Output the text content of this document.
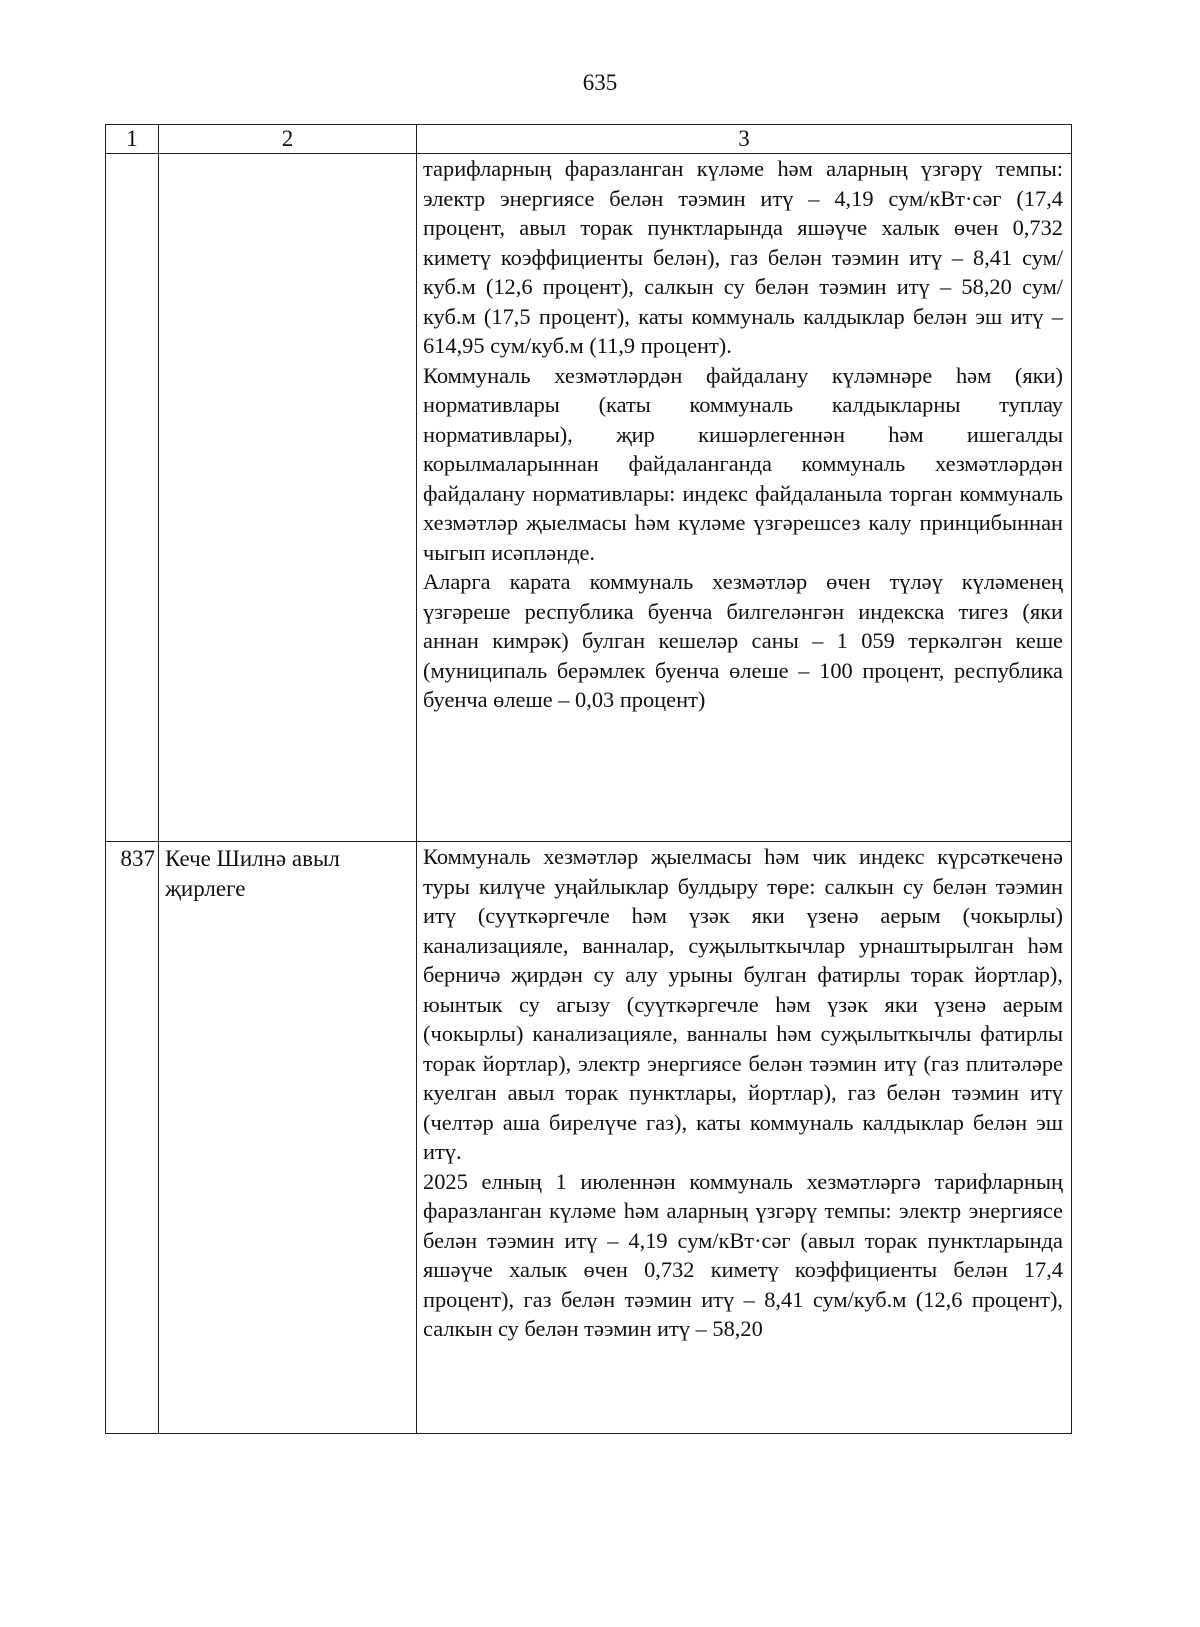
635
1	2	3

		тарифларның фаразланган күләме һәм аларның үзгәрү темпы: электр энергиясе белән тәэмин итү – 4,19 сум/кВт·сәг (17,4 процент, авыл торак пунктларында яшәүче халык өчен 0,732 киметү коэффициенты белән), газ белән тәэмин итү – 8,41 сум/куб.м (12,6 процент), салкын су белән тәэмин итү – 58,20 сум/куб.м (17,5 процент), каты коммуналь калдыклар белән эш итү – 614,95 сум/куб.м (11,9 процент).

Коммуналь хезмәтләрдән файдалану күләмнәре һәм (яки) нормативлары (каты коммуналь калдыкларны туплау нормативлары), җир кишәрлегеннән һәм ишегалды корылмаларыннан файдаланганда коммуналь хезмәтләрдән файдалану нормативлары: индекс файдаланыла торган коммуналь хезмәтләр җыелмасы һәм күләме үзгәрешсез калу принцибыннан чыгып исәпләнде.

Аларга карата коммуналь хезмәтләр өчен түләү күләменең үзгәреше республика буенча билгеләнгән индекска тигез (яки аннан кимрәк) булган кешеләр саны – 1 059 теркәлгән кеше (муниципаль берәмлек буенча өлеше – 100 процент, республика буенча өлеше – 0,03 процент)

837	Кече Шилнә авыл җирлеге	Коммуналь хезмәтләр җыелмасы һәм чик индекс күрсәткеченә туры килүче уңайлыклар булдыру төре: салкын су белән тәэмин итү (суүткәргечле һәм үзәк яки үзенә аерым (чокырлы) канализацияле, ванналар, суҗылыткычлар урнаштырылган һәм берничә җирдән су алу урыны булган фатирлы торак йортлар), юынтык су агызу (суүткәргечле һәм үзәк яки үзенә аерым (чокырлы) канализацияле, ванналы һәм суҗылыткычлы фатирлы торак йортлар), электр энергиясе белән тәэмин итү (газ плитәләре куелган авыл торак пунктлары, йортлар), газ белән тәэмин итү (челтәр аша бирелүче газ), каты коммуналь калдыклар белән эш итү.

2025 елның 1 июленнән коммуналь хезмәтләргә тарифларның фаразланган күләме һәм аларның үзгәрү темпы: электр энергиясе белән тәэмин итү – 4,19 сум/кВт·сәг (авыл торак пунктларында яшәүче халык өчен 0,732 киметү коэффициенты белән 17,4 процент), газ белән тәэмин итү – 8,41 сум/куб.м (12,6 процент), салкын су белән тәэмин итү – 58,20
